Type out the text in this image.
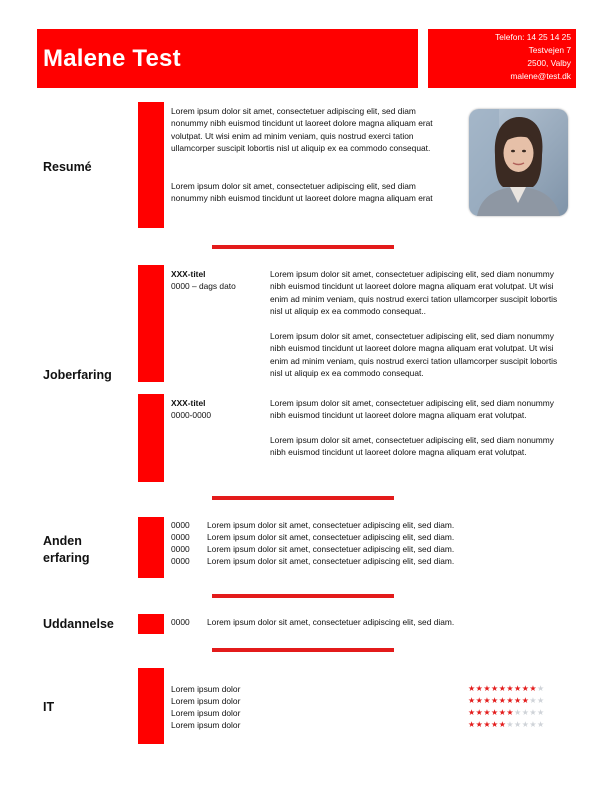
Malene Test
Telefon: 14 25 14 25
Testvejen 7
2500, Valby
malene@test.dk
Resumé
Lorem ipsum dolor sit amet, consectetuer adipiscing elit, sed diam nonummy nibh euismod tincidunt ut laoreet dolore magna aliquam erat volutpat. Ut wisi enim ad minim veniam, quis nostrud exerci tation ullamcorper suscipit lobortis nisl ut aliquip ex ea commodo consequat.
Lorem ipsum dolor sit amet, consectetuer adipiscing elit, sed diam nonummy nibh euismod tincidunt ut laoreet dolore magna aliquam erat
Joberfaring
XXX-titel
0000 – dags dato
Lorem ipsum dolor sit amet, consectetuer adipiscing elit, sed diam nonummy nibh euismod tincidunt ut laoreet dolore magna aliquam erat volutpat. Ut wisi enim ad minim veniam, quis nostrud exerci tation ullamcorper suscipit lobortis nisl ut aliquip ex ea commodo consequat..
Lorem ipsum dolor sit amet, consectetuer adipiscing elit, sed diam nonummy nibh euismod tincidunt ut laoreet dolore magna aliquam erat volutpat. Ut wisi enim ad minim veniam, quis nostrud exerci tation ullamcorper suscipit lobortis nisl ut aliquip ex ea commodo consequat.
XXX-titel
0000-0000
Lorem ipsum dolor sit amet, consectetuer adipiscing elit, sed diam nonummy nibh euismod tincidunt ut laoreet dolore magna aliquam erat volutpat.
Lorem ipsum dolor sit amet, consectetuer adipiscing elit, sed diam nonummy nibh euismod tincidunt ut laoreet dolore magna aliquam erat volutpat.
Anden
erfaring
0000 Lorem ipsum dolor sit amet, consectetuer adipiscing elit, sed diam.
0000 Lorem ipsum dolor sit amet, consectetuer adipiscing elit, sed diam.
0000 Lorem ipsum dolor sit amet, consectetuer adipiscing elit, sed diam.
0000 Lorem ipsum dolor sit amet, consectetuer adipiscing elit, sed diam.
Uddannelse	0000 Lorem ipsum dolor sit amet, consectetuer adipiscing elit, sed diam.
IT
Lorem ipsum dolor
Lorem ipsum dolor
Lorem ipsum dolor
Lorem ipsum dolor
★★★★★★★★★★
★★★★★★★★★★
★★★★★★★★★★
★★★★★★★★★★
